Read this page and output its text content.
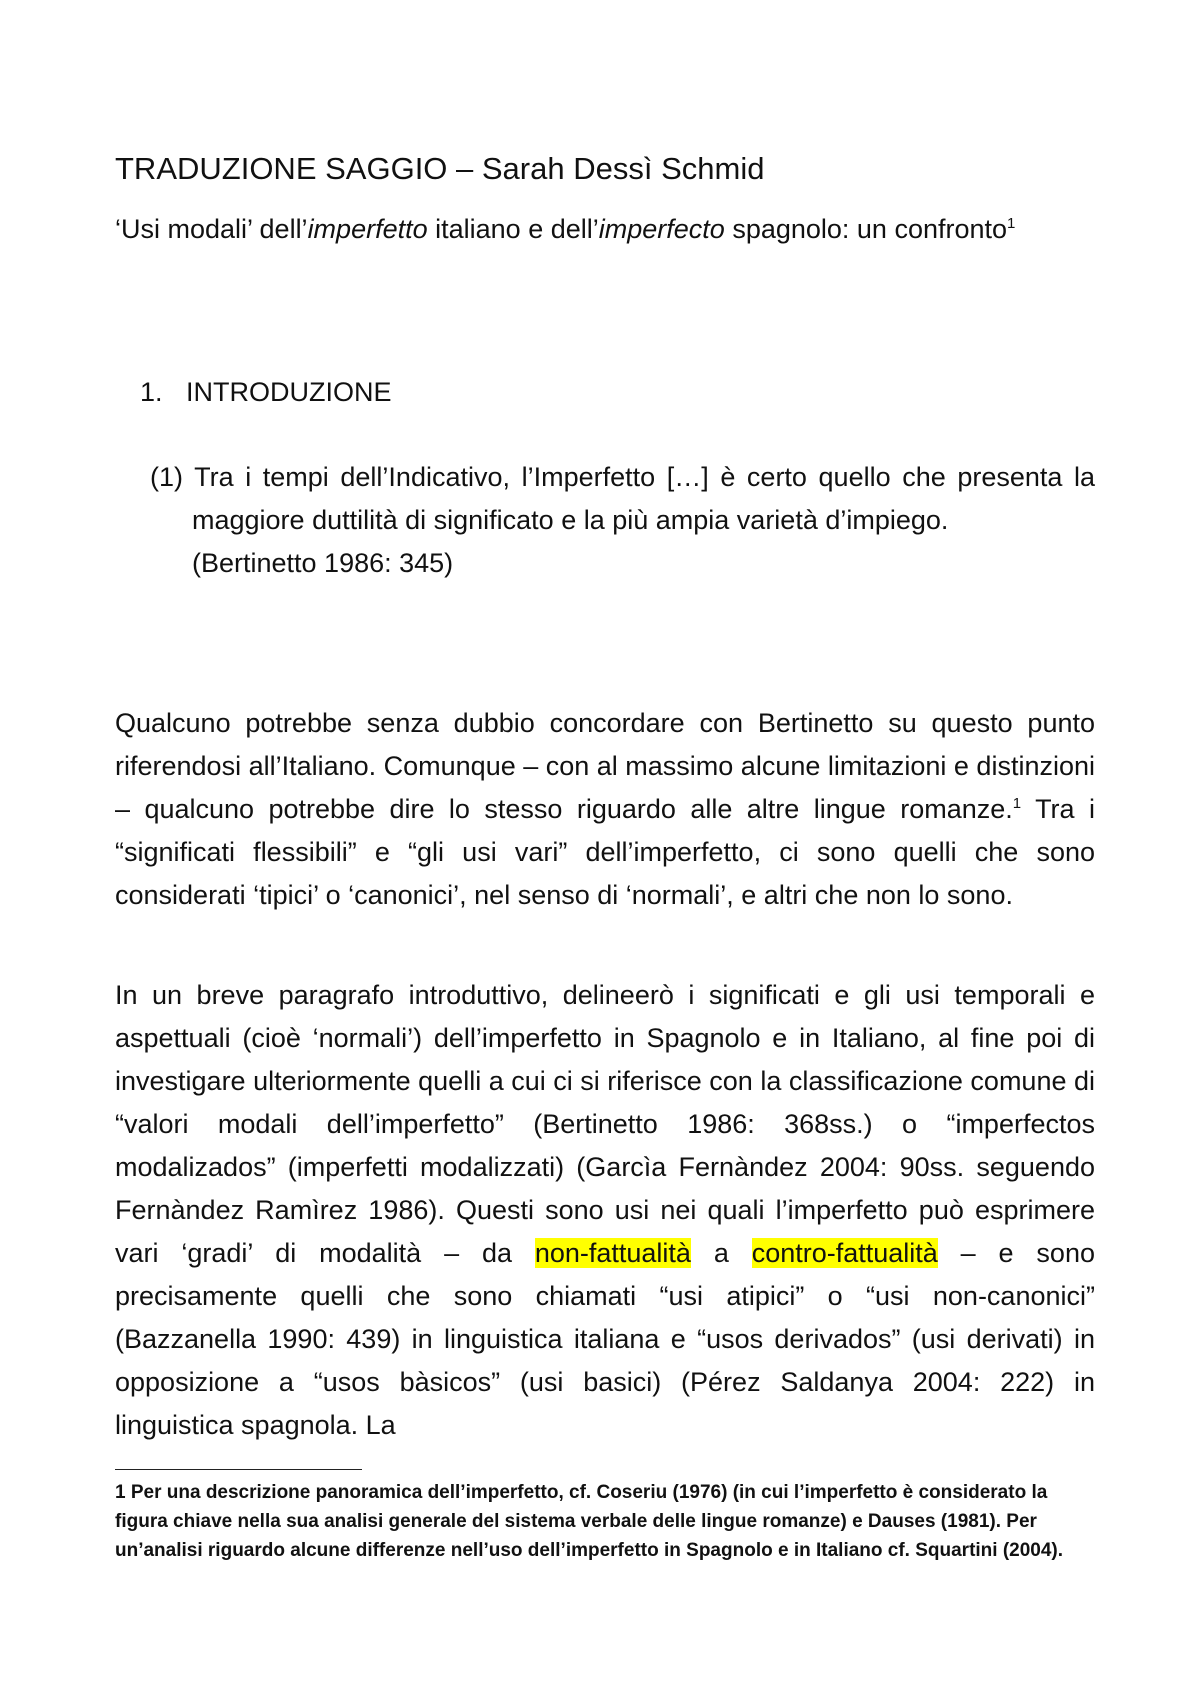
TRADUZIONE SAGGIO – Sarah Dessì Schmid
‘Usi modali’ dell’imperfetto italiano e dell’imperfecto spagnolo: un confronto$^1$
1. INTRODUZIONE
(1) Tra i tempi dell’Indicativo, l’Imperfetto […] è certo quello che presenta la maggiore duttilità di significato e la più ampia varietà d’impiego.
(Bertinetto 1986: 345)

Qualcuno potrebbe senza dubbio concordare con Bertinetto su questo punto riferendosi all’Italiano. Comunque – con al massimo alcune limitazioni e distinzioni – qualcuno potrebbe dire lo stesso riguardo alle altre lingue romanze.$^1$ Tra i “significati flessibili” e “gli usi vari” dell’imperfetto, ci sono quelli che sono considerati ‘tipici’ o ‘canonici’, nel senso di ‘normali’, e altri che non lo sono.

In un breve paragrafo introduttivo, delineerò i significati e gli usi temporali e aspettuali (cioè ‘normali’) dell’imperfetto in Spagnolo e in Italiano, al fine poi di investigare ulteriormente quelli a cui ci si riferisce con la classificazione comune di “valori modali dell’imperfetto” (Bertinetto 1986: 368ss.) o “imperfectos modalizados” (imperfetti modalizzati) (Garcìa Fernàndez 2004: 90ss. seguendo Fernàndez Ramìrez 1986). Questi sono usi nei quali l’imperfetto può esprimere vari ‘gradi’ di modalità – da non-fattualità a contro-fattualità – e sono precisamente quelli che sono chiamati “usi atipici” o “usi non-canonici” (Bazzanella 1990: 439) in linguistica italiana e “usos derivados” (usi derivati) in opposizione a “usos bàsicos” (usi basici) (Pérez Saldanya 2004: 222) in linguistica spagnola. La

1 Per una descrizione panoramica dell’imperfetto, cf. Coseriu (1976) (in cui l’imperfetto è considerato la figura chiave nella sua analisi generale del sistema verbale delle lingue romanze) e Dauses (1981). Per un’analisi riguardo alcune differenze nell’uso dell’imperfetto in Spagnolo e in Italiano cf. Squartini (2004).
